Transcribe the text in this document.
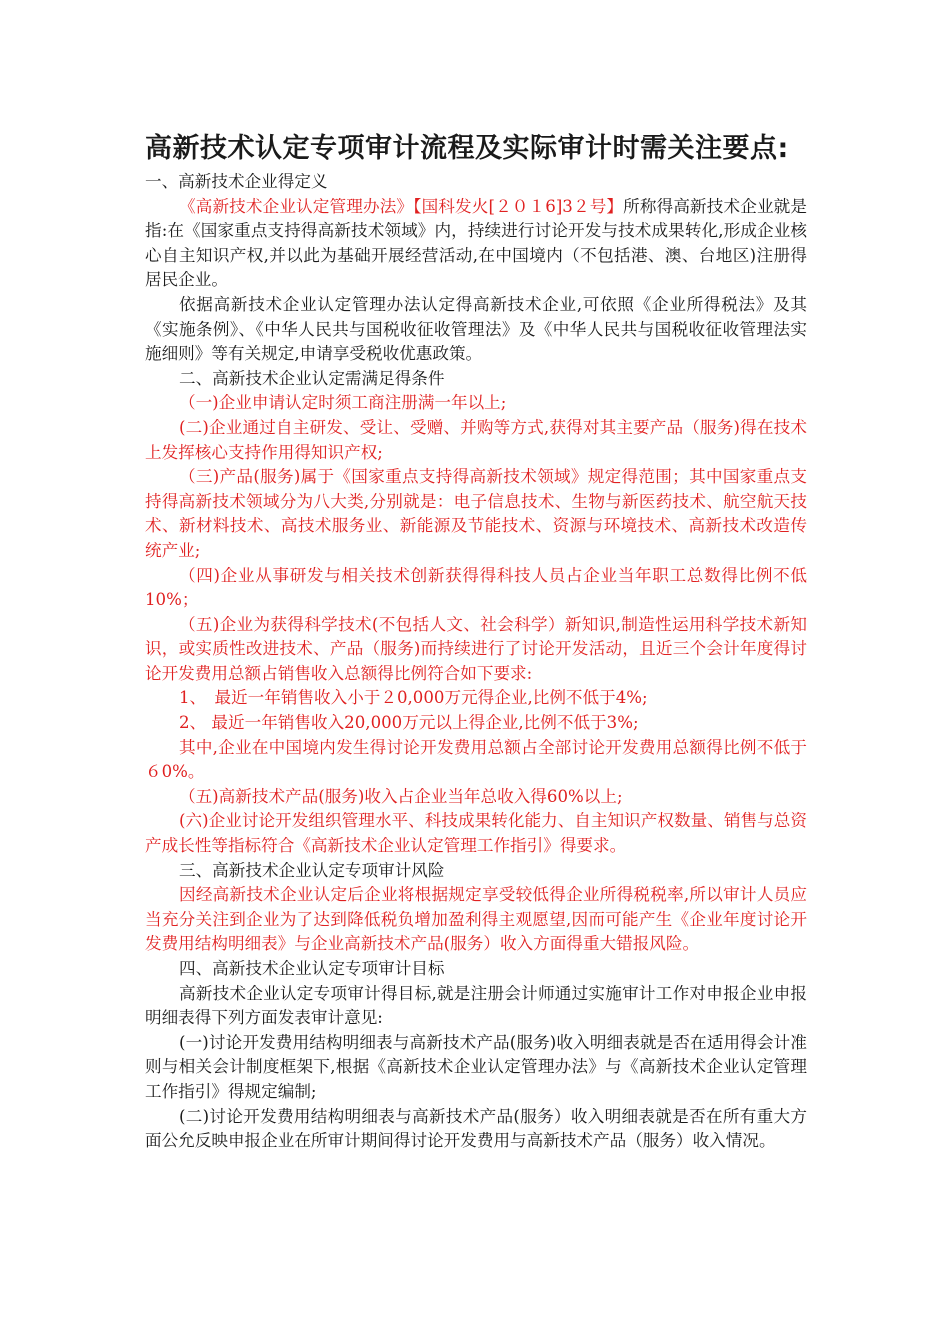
高新技术认定专项审计流程及实际审计时需关注要点:

一、高新技术企业得定义

《高新技术企业认定管理办法》【国科发火[２０１6]3２号】所称得高新技术企业就是指:在《国家重点支持得高新技术领域》内，持续进行讨论开发与技术成果转化,形成企业核心自主知识产权,并以此为基础开展经营活动,在中国境内（不包括港、澳、台地区)注册得居民企业。

依据高新技术企业认定管理办法认定得高新技术企业,可依照《企业所得税法》及其《实施条例》、《中华人民共与国税收征收管理法》及《中华人民共与国税收征收管理法实施细则》等有关规定,申请享受税收优惠政策。

二、高新技术企业认定需满足得条件

（一)企业申请认定时须工商注册满一年以上;

(二)企业通过自主研发、受让、受赠、并购等方式,获得对其主要产品（服务)得在技术上发挥核心支持作用得知识产权;

（三)产品(服务)属于《国家重点支持得高新技术领域》规定得范围；其中国家重点支持得高新技术领域分为八大类,分别就是：电子信息技术、生物与新医药技术、航空航天技术、新材料技术、高技术服务业、新能源及节能技术、资源与环境技术、高新技术改造传统产业;

（四)企业从事研发与相关技术创新获得得科技人员占企业当年职工总数得比例不低10%；

（五)企业为获得科学技术(不包括人文、社会科学）新知识,制造性运用科学技术新知识，或实质性改进技术、产品（服务)而持续进行了讨论开发活动，且近三个会计年度得讨论开发费用总额占销售收入总额得比例符合如下要求:

1、　最近一年销售收入小于２0,000万元得企业,比例不低于4%;

2、 最近一年销售收入20,000万元以上得企业,比例不低于3%;

其中,企业在中国境内发生得讨论开发费用总额占全部讨论开发费用总额得比例不低于６0%。

（五)高新技术产品(服务)收入占企业当年总收入得60%以上;

(六)企业讨论开发组织管理水平、科技成果转化能力、自主知识产权数量、销售与总资产成长性等指标符合《高新技术企业认定管理工作指引》得要求。

三、高新技术企业认定专项审计风险

因经高新技术企业认定后企业将根据规定享受较低得企业所得税税率,所以审计人员应当充分关注到企业为了达到降低税负增加盈利得主观愿望,因而可能产生《企业年度讨论开发费用结构明细表》与企业高新技术产品(服务）收入方面得重大错报风险。

四、高新技术企业认定专项审计目标

高新技术企业认定专项审计得目标,就是注册会计师通过实施审计工作对申报企业申报明细表得下列方面发表审计意见:

(一)讨论开发费用结构明细表与高新技术产品(服务)收入明细表就是否在适用得会计准则与相关会计制度框架下,根据《高新技术企业认定管理办法》与《高新技术企业认定管理工作指引》得规定编制;

(二)讨论开发费用结构明细表与高新技术产品(服务）收入明细表就是否在所有重大方面公允反映申报企业在所审计期间得讨论开发费用与高新技术产品（服务）收入情况。
